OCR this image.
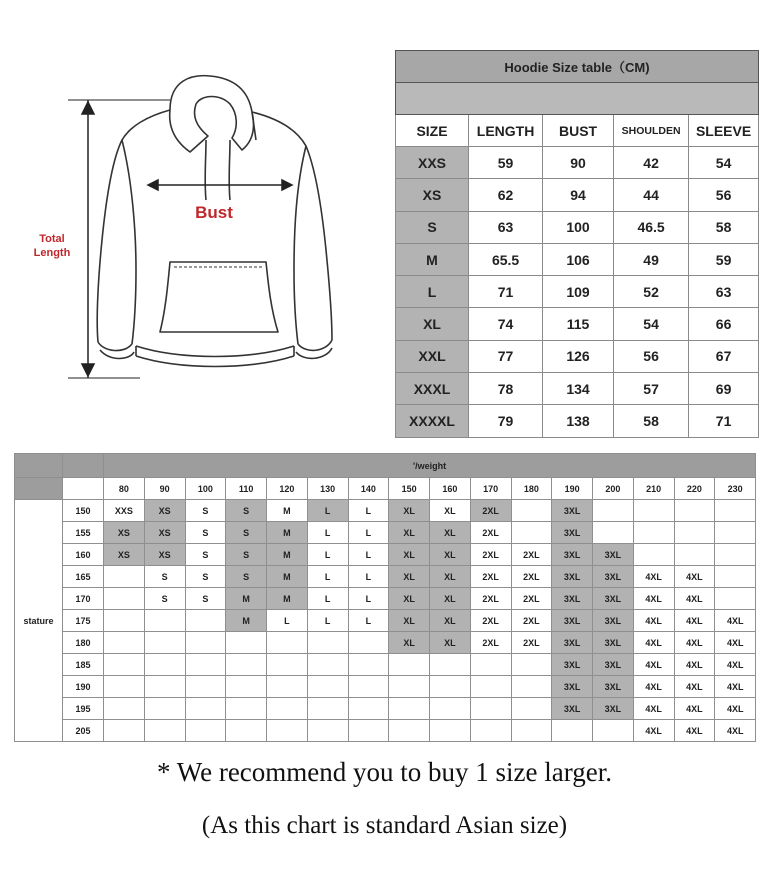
Bust
Total
Length
Hoodie Size table（CM)				

SIZE	LENGTH	BUST	SHOULDEN	SLEEVE
XXS	59	90	42	54
XS	62	94	44	56
S	63	100	46.5	58
M	65.5	106	49	59
L	71	109	52	63
XL	74	115	54	66
XXL	77	126	56	67
XXXL	78	134	57	69
XXXXL	79	138	58	71
		'/weight															
		80	90	100	110	120	130	140	150	160	170	180	190	200	210	220	230
stature	150	XXS	XS	S	S	M	L	L	XL	XL	2XL		3XL				
	155	XS	XS	S	S	M	L	L	XL	XL	2XL		3XL				
	160	XS	XS	S	S	M	L	L	XL	XL	2XL	2XL	3XL	3XL			
	165		S	S	S	M	L	L	XL	XL	2XL	2XL	3XL	3XL	4XL	4XL	
	170		S	S	M	M	L	L	XL	XL	2XL	2XL	3XL	3XL	4XL	4XL	
	175				M	L	L	L	XL	XL	2XL	2XL	3XL	3XL	4XL	4XL	4XL
	180								XL	XL	2XL	2XL	3XL	3XL	4XL	4XL	4XL
	185												3XL	3XL	4XL	4XL	4XL
	190												3XL	3XL	4XL	4XL	4XL
	195												3XL	3XL	4XL	4XL	4XL
	205														4XL	4XL	4XL
* We recommend you to buy 1 size larger.
(As this chart is standard Asian size)
